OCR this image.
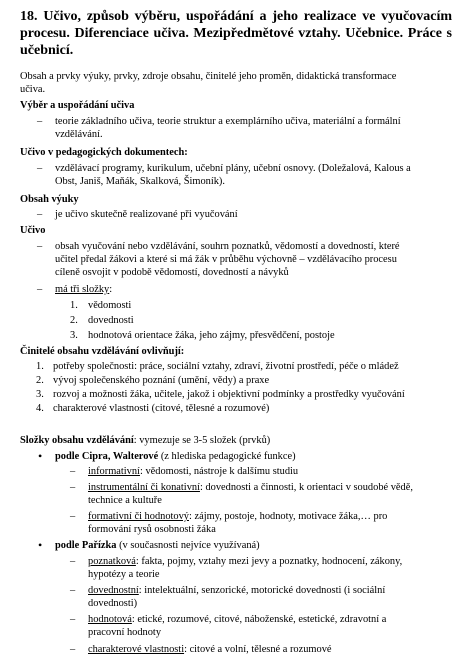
18. Učivo, způsob výběru, uspořádání a jeho realizace ve vyučovacím procesu. Diferenciace učiva. Mezipředmětové vztahy. Učebnice. Práce s učebnicí.
Obsah a prvky výuky, prvky, zdroje obsahu, činitelé jeho proměn, didaktická transformace
učiva.
Výběr a uspořádání učiva
– teorie základního učiva, teorie struktur a exemplárního učiva, materiální a formální
vzdělávání.
Učivo v pedagogických dokumentech:
– vzdělávací programy, kurikulum, učební plány, učební osnovy. (Doležalová, Kalous a
Obst, Janiš, Maňák, Skalková, Šimoník).
Obsah výuky
– je učivo skutečně realizované při vyučování
Učivo
– obsah vyučování nebo vzdělávání, souhrn poznatků, vědomostí a dovedností, které
učitel předal žákovi a které si má žák v průběhu výchovně – vzdělávacího procesu
cíleně osvojit v podobě vědomostí, dovedností a návyků
– má tři složky:
1. vědomosti
2. dovednosti
3. hodnotová orientace žáka, jeho zájmy, přesvědčení, postoje
Činitelé obsahu vzdělávání ovlivňují:
1. potřeby společnosti: práce, sociální vztahy, zdraví, životní prostředí, péče o mládež
2. vývoj společenského poznání (umění, vědy) a praxe
3. rozvoj a možnosti žáka, učitele, jakož i objektivní podmínky a prostředky vyučování
4. charakterové vlastnosti (citové, tělesné a rozumové)
Složky obsahu vzdělávání: vymezuje se 3-5 složek (prvků)
• podle Cipra, Walterové (z hlediska pedagogické funkce)
– informativní: vědomosti, nástroje k dalšímu studiu
– instrumentální či konativní: dovednosti a činnosti, k orientaci v soudobé vědě,
technice a kultuře
– formativní či hodnotový: zájmy, postoje, hodnoty, motivace žáka,… pro
formování rysů osobnosti žáka
• podle Pařízka (v současnosti nejvíce využívaná)
– poznatková: fakta, pojmy, vztahy mezi jevy a poznatky, hodnocení, zákony,
hypotézy a teorie
– dovednostní: intelektuální, senzorické, motorické dovednosti (i sociální
dovednosti)
– hodnotová: etické, rozumové, citové, náboženské, estetické, zdravotní a
pracovní hodnoty
– charakterové vlastnosti: citové a volní, tělesné a rozumové
